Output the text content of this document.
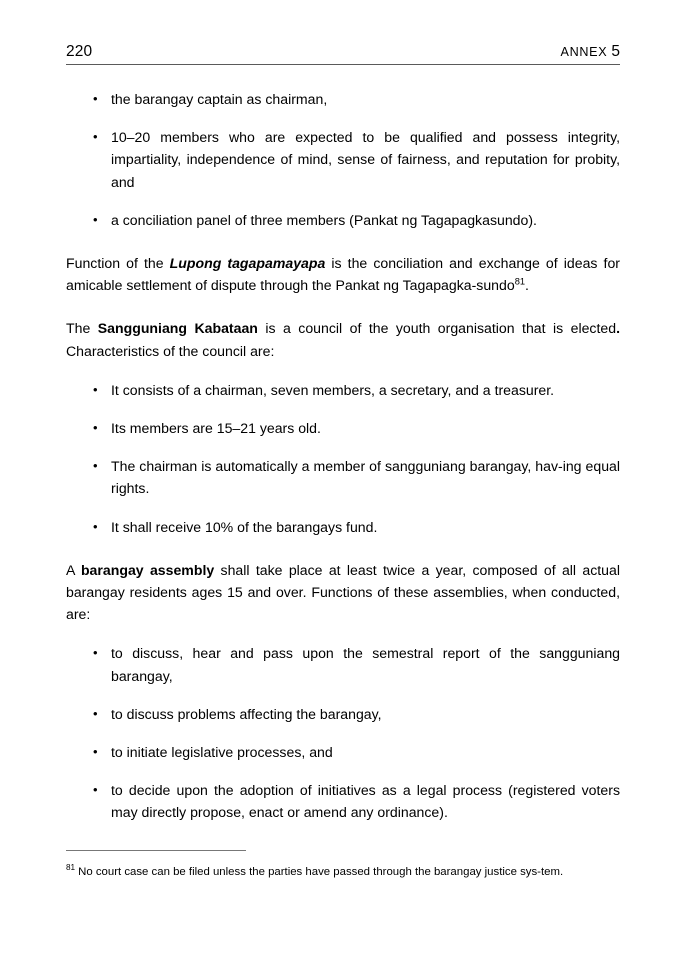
220	ANNEX 5
• the barangay captain as chairman,
• 10–20 members who are expected to be qualified and possess integrity, impartiality, independence of mind, sense of fairness, and reputation for probity, and
• a conciliation panel of three members (Pankat ng Tagapagkasundo).

Function of the Lupong tagapamayapa is the conciliation and exchange of ideas for amicable settlement of dispute through the Pankat ng Tagapagka-sundo$^{81}$.

The Sangguniang Kabataan is a council of the youth organisation that is elected. Characteristics of the council are:

• It consists of a chairman, seven members, a secretary, and a treasurer.
• Its members are 15–21 years old.
• The chairman is automatically a member of sangguniang barangay, hav-ing equal rights.
• It shall receive 10% of the barangays fund.

A barangay assembly shall take place at least twice a year, composed of all actual barangay residents ages 15 and over. Functions of these assemblies, when conducted, are:

• to discuss, hear and pass upon the semestral report of the sangguniang barangay,
• to discuss problems affecting the barangay,
• to initiate legislative processes, and
• to decide upon the adoption of initiatives as a legal process (registered voters may directly propose, enact or amend any ordinance).

$^{81}$ No court case can be filed unless the parties have passed through the barangay justice sys-tem.
